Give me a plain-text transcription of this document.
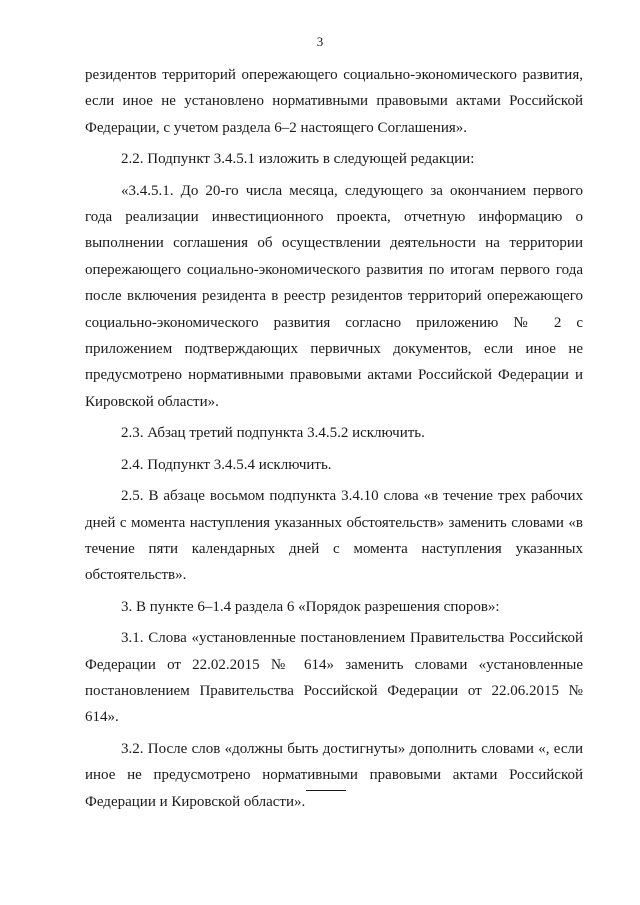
3

резидентов территорий опережающего социально-экономического развития, если иное не установлено нормативными правовыми актами Российской Федерации, с учетом раздела 6–2 настоящего Соглашения».

2.2. Подпункт 3.4.5.1 изложить в следующей редакции:

«3.4.5.1. До 20-го числа месяца, следующего за окончанием первого года реализации инвестиционного проекта, отчетную информацию о выполнении соглашения об осуществлении деятельности на территории опережающего социально-экономического развития по итогам первого года после включения резидента в реестр резидентов территорий опережающего социально-экономического развития согласно приложению № 2 с приложением подтверждающих первичных документов, если иное не предусмотрено нормативными правовыми актами Российской Федерации и Кировской области».

2.3. Абзац третий подпункта 3.4.5.2 исключить.

2.4. Подпункт 3.4.5.4 исключить.

2.5. В абзаце восьмом подпункта 3.4.10 слова «в течение трех рабочих дней с момента наступления указанных обстоятельств» заменить словами «в течение пяти календарных дней с момента наступления указанных обстоятельств».

3. В пункте 6–1.4 раздела 6 «Порядок разрешения споров»:

3.1. Слова «установленные постановлением Правительства Российской Федерации от 22.02.2015 № 614» заменить словами «установленные постановлением Правительства Российской Федерации от 22.06.2015 № 614».

3.2. После слов «должны быть достигнуты» дополнить словами «, если иное не предусмотрено нормативными правовыми актами Российской Федерации и Кировской области».
